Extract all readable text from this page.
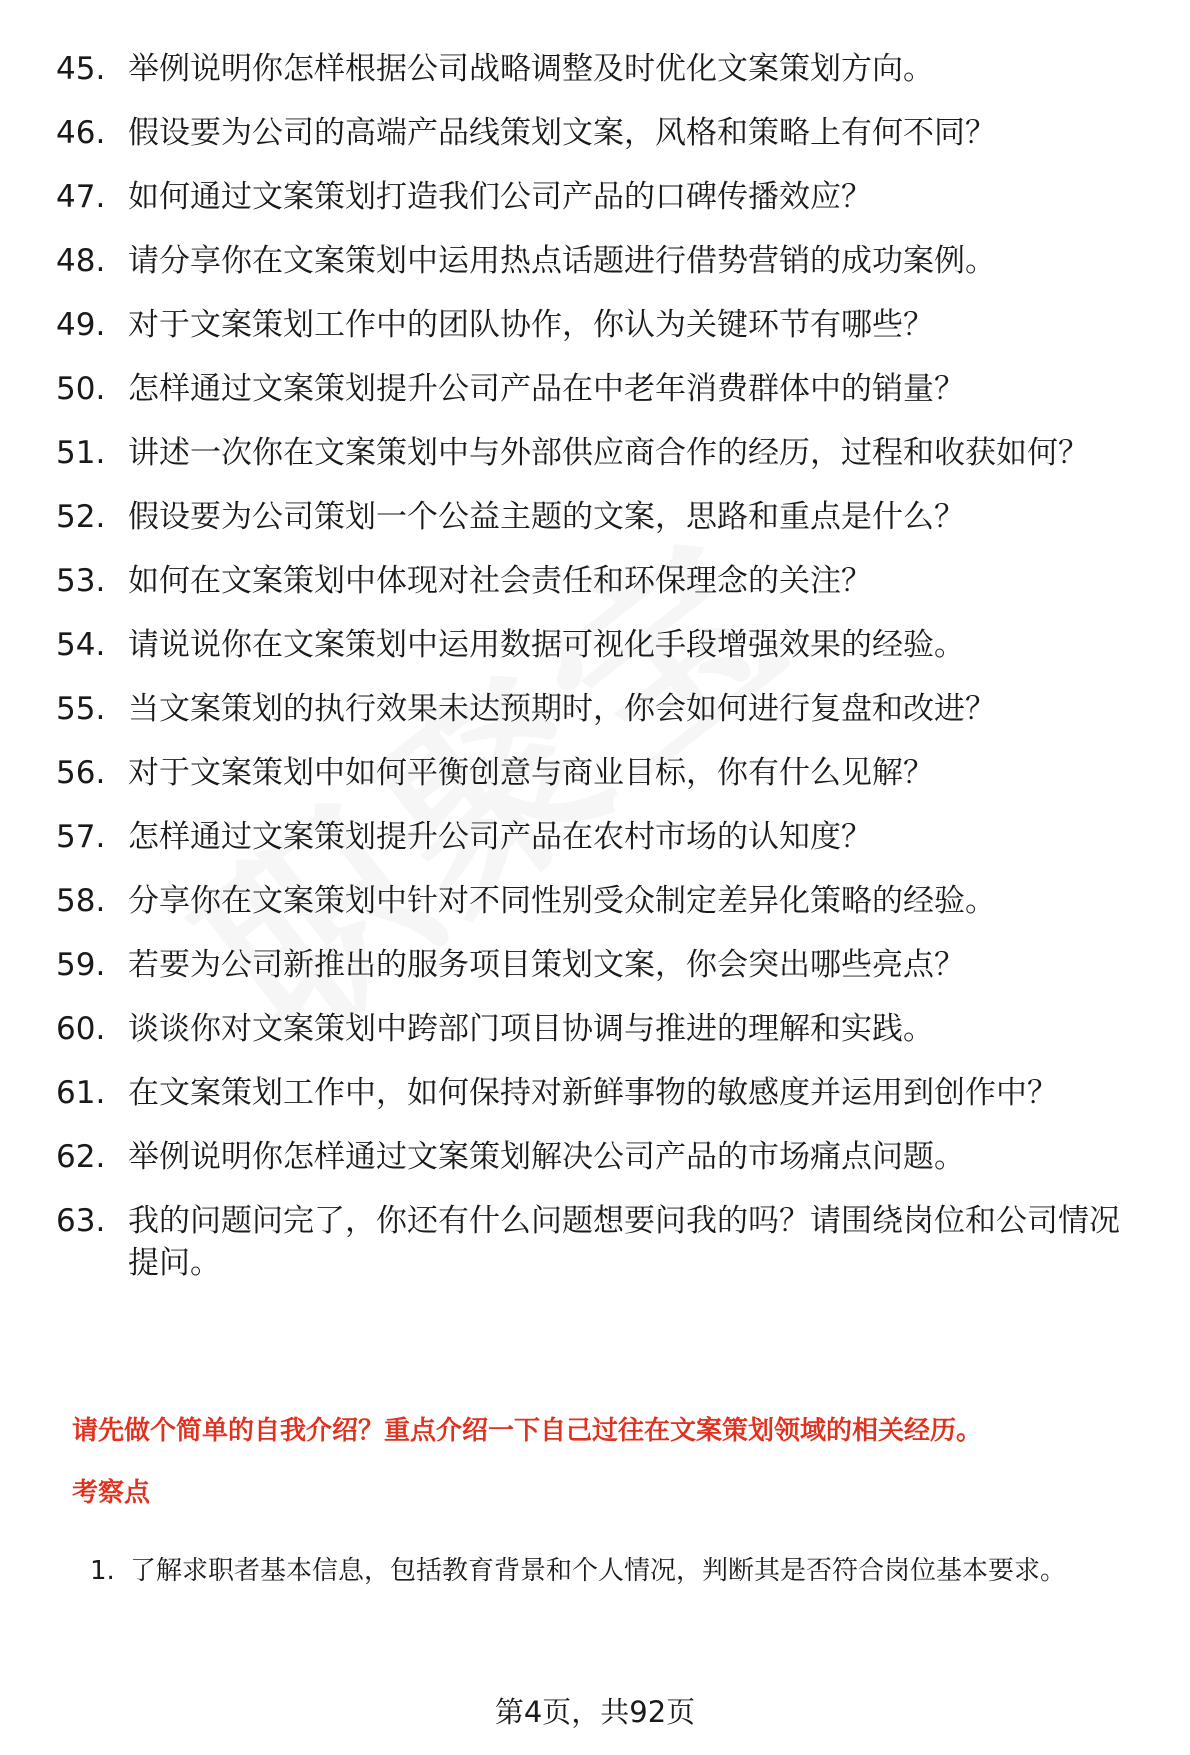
45. 举例说明你怎样根据公司战略调整及时优化文案策划方向。
46. 假设要为公司的高端产品线策划文案，风格和策略上有何不同？
47. 如何通过文案策划打造我们公司产品的口碑传播效应？
48. 请分享你在文案策划中运用热点话题进行借势营销的成功案例。
49. 对于文案策划工作中的团队协作，你认为关键环节有哪些？
50. 怎样通过文案策划提升公司产品在中老年消费群体中的销量？
51. 讲述一次你在文案策划中与外部供应商合作的经历，过程和收获如何？
52. 假设要为公司策划一个公益主题的文案，思路和重点是什么？
53. 如何在文案策划中体现对社会责任和环保理念的关注？
54. 请说说你在文案策划中运用数据可视化手段增强效果的经验。
55. 当文案策划的执行效果未达预期时，你会如何进行复盘和改进？
56. 对于文案策划中如何平衡创意与商业目标，你有什么见解？
57. 怎样通过文案策划提升公司产品在农村市场的认知度？
58. 分享你在文案策划中针对不同性别受众制定差异化策略的经验。
59. 若要为公司新推出的服务项目策划文案，你会突出哪些亮点？
60. 谈谈你对文案策划中跨部门项目协调与推进的理解和实践。
61. 在文案策划工作中，如何保持对新鲜事物的敏感度并运用到创作中？
62. 举例说明你怎样通过文案策划解决公司产品的市场痛点问题。
63. 我的问题问完了，你还有什么问题想要问我的吗？请围绕岗位和公司情况提问。
请先做个简单的自我介绍？重点介绍一下自己过往在文案策划领域的相关经历。
考察点
1. 了解求职者基本信息，包括教育背景和个人情况，判断其是否符合岗位基本要求。
第4页，共92页
